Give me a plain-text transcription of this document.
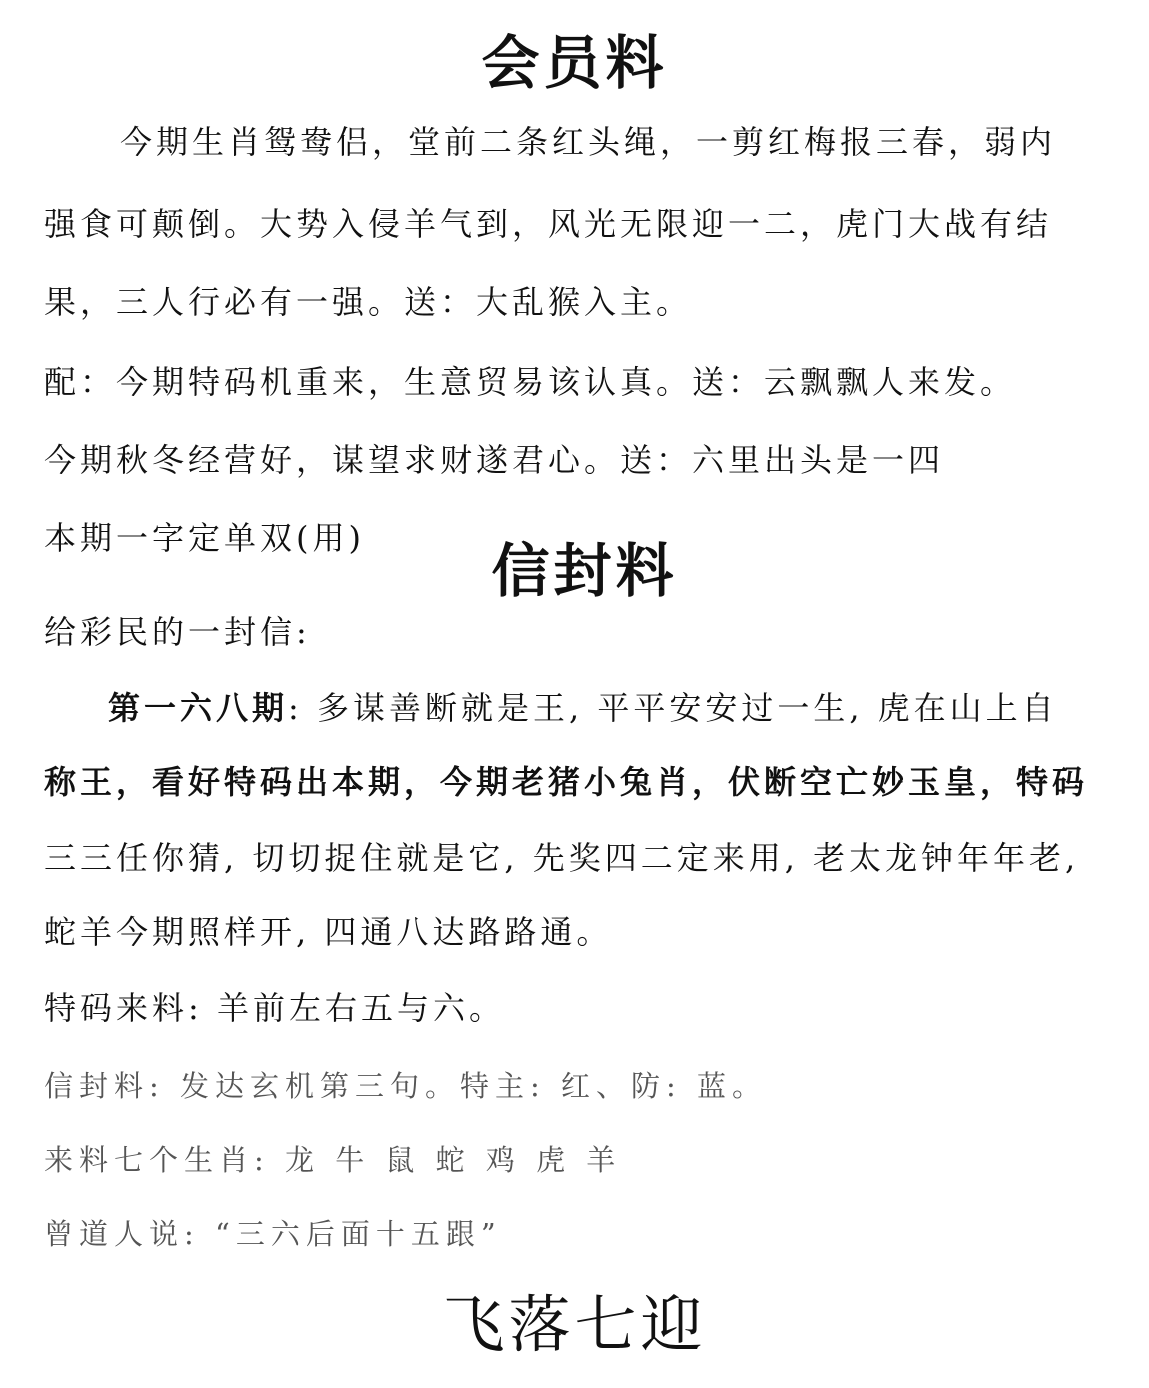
会员料
今期生肖鸳鸯侣，堂前二条红头绳，一剪红梅报三春，弱内
强食可颠倒。大势入侵羊气到，风光无限迎一二，虎门大战有结
果，三人行必有一强。送：大乱猴入主。
配：今期特码机重来，生意贸易该认真。送：云飘飘人来发。
今期秋冬经营好，谋望求财遂君心。送：六里出头是一四
本期一字定单双(用)	信封料
给彩民的一封信:
第一六八期: 多谋善断就是王, 平平安安过一生, 虎在山上自
称王，看好特码出本期，今期老猪小兔肖，伏断空亡妙玉皇，特码
三三任你猜, 切切捉住就是它, 先奖四二定来用, 老太龙钟年年老,
蛇羊今期照样开, 四通八达路路通。
特码来料: 羊前左右五与六。
信封料: 发达玄机第三句。特主: 红、防: 蓝。
来料七个生肖: 龙 牛 鼠 蛇 鸡 虎 羊
曾道人说: “三六后面十五跟”
飞落七迎
